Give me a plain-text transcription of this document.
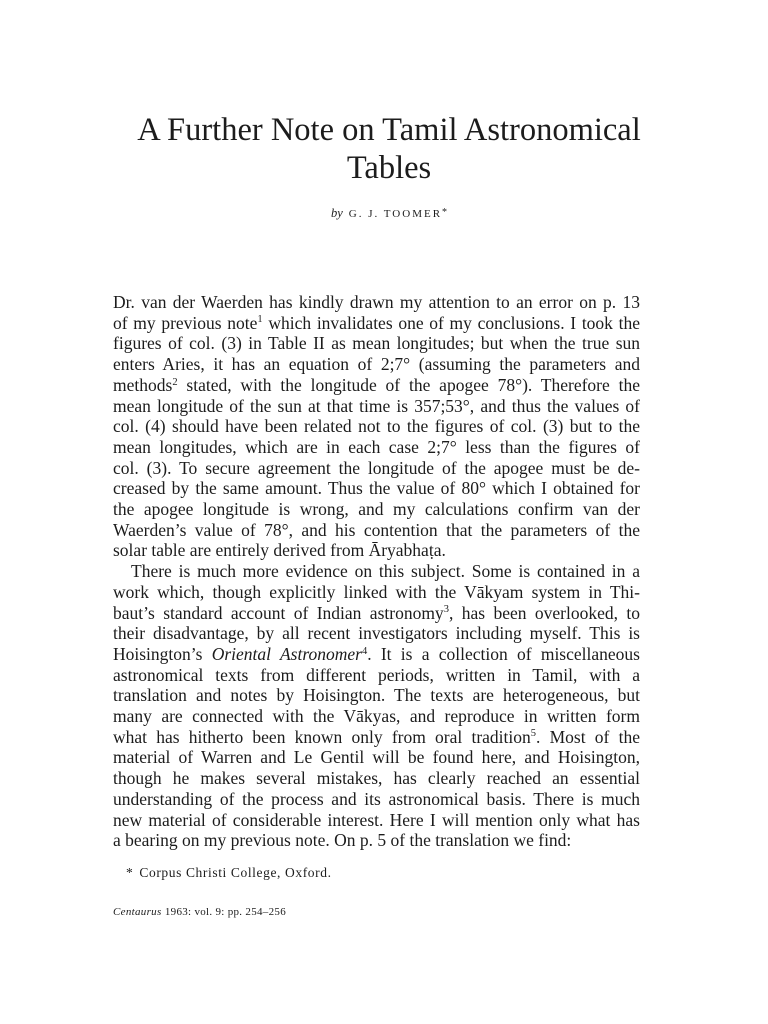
A Further Note on Tamil Astronomical
Tables
by G. J. TOOMER*
Dr. van der Waerden has kindly drawn my attention to an error on p. 13
of my previous note$^1$ which invalidates one of my conclusions. I took the
figures of col. (3) in Table II as mean longitudes; but when the true sun
enters Aries, it has an equation of 2;7° (assuming the parameters and
methods$^2$ stated, with the longitude of the apogee 78°). Therefore the
mean longitude of the sun at that time is 357;53°, and thus the values of
col. (4) should have been related not to the figures of col. (3) but to the
mean longitudes, which are in each case 2;7° less than the figures of
col. (3). To secure agreement the longitude of the apogee must be de-
creased by the same amount. Thus the value of 80° which I obtained for
the apogee longitude is wrong, and my calculations confirm van der
Waerden’s value of 78°, and his contention that the parameters of the
solar table are entirely derived from Āryabhaṭa.
There is much more evidence on this subject. Some is contained in a
work which, though explicitly linked with the Vākyam system in Thi-
baut’s standard account of Indian astronomy$^3$, has been overlooked, to
their disadvantage, by all recent investigators including myself. This is
Hoisington’s Oriental Astronomer$^4$. It is a collection of miscellaneous
astronomical texts from different periods, written in Tamil, with a
translation and notes by Hoisington. The texts are heterogeneous, but
many are connected with the Vākyas, and reproduce in written form
what has hitherto been known only from oral tradition$^5$. Most of the
material of Warren and Le Gentil will be found here, and Hoisington,
though he makes several mistakes, has clearly reached an essential
understanding of the process and its astronomical basis. There is much
new material of considerable interest. Here I will mention only what has
a bearing on my previous note. On p. 5 of the translation we find:
* Corpus Christi College, Oxford.
Centaurus 1963: vol. 9: pp. 254–256
